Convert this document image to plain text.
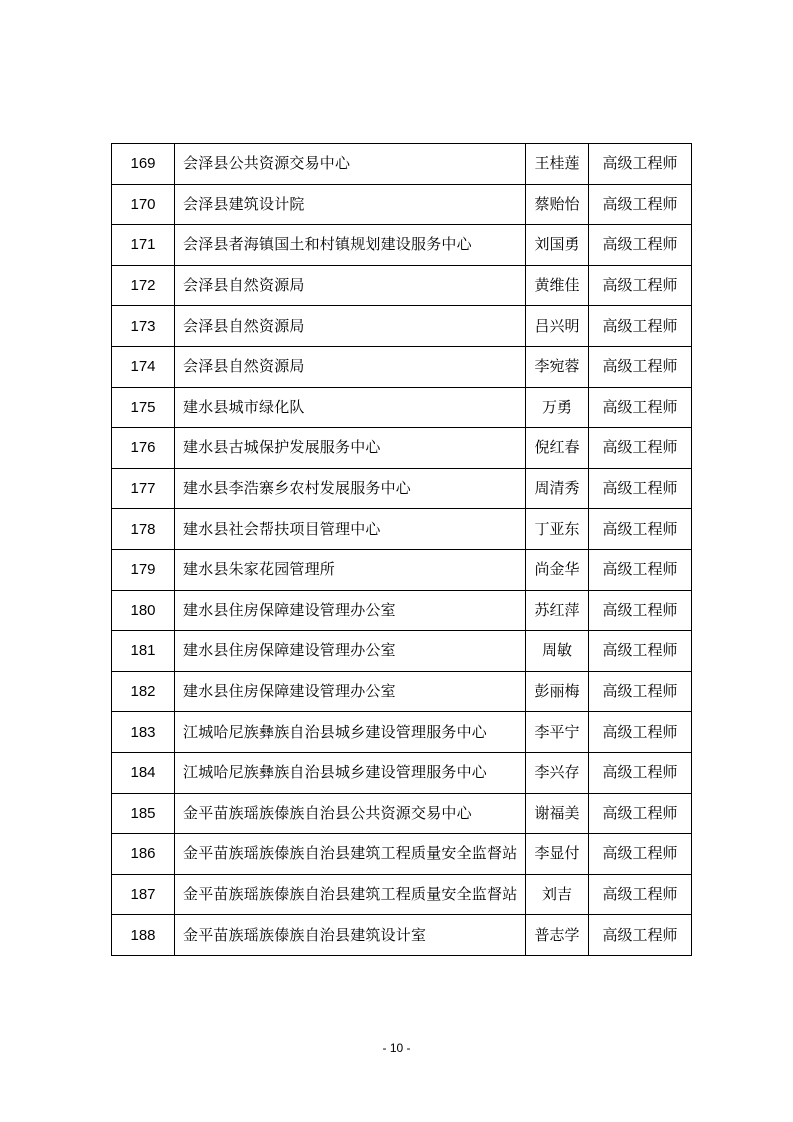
169	会泽县公共资源交易中心	王桂莲	高级工程师
170	会泽县建筑设计院	蔡贻怡	高级工程师
171	会泽县者海镇国土和村镇规划建设服务中心	刘国勇	高级工程师
172	会泽县自然资源局	黄维佳	高级工程师
173	会泽县自然资源局	吕兴明	高级工程师
174	会泽县自然资源局	李宛蓉	高级工程师
175	建水县城市绿化队	万勇	高级工程师
176	建水县古城保护发展服务中心	倪红春	高级工程师
177	建水县李浩寨乡农村发展服务中心	周清秀	高级工程师
178	建水县社会帮扶项目管理中心	丁亚东	高级工程师
179	建水县朱家花园管理所	尚金华	高级工程师
180	建水县住房保障建设管理办公室	苏红萍	高级工程师
181	建水县住房保障建设管理办公室	周敏	高级工程师
182	建水县住房保障建设管理办公室	彭丽梅	高级工程师
183	江城哈尼族彝族自治县城乡建设管理服务中心	李平宁	高级工程师
184	江城哈尼族彝族自治县城乡建设管理服务中心	李兴存	高级工程师
185	金平苗族瑶族傣族自治县公共资源交易中心	谢福美	高级工程师
186	金平苗族瑶族傣族自治县建筑工程质量安全监督站	李显付	高级工程师
187	金平苗族瑶族傣族自治县建筑工程质量安全监督站	刘吉	高级工程师
188	金平苗族瑶族傣族自治县建筑设计室	普志学	高级工程师
- 10 -
